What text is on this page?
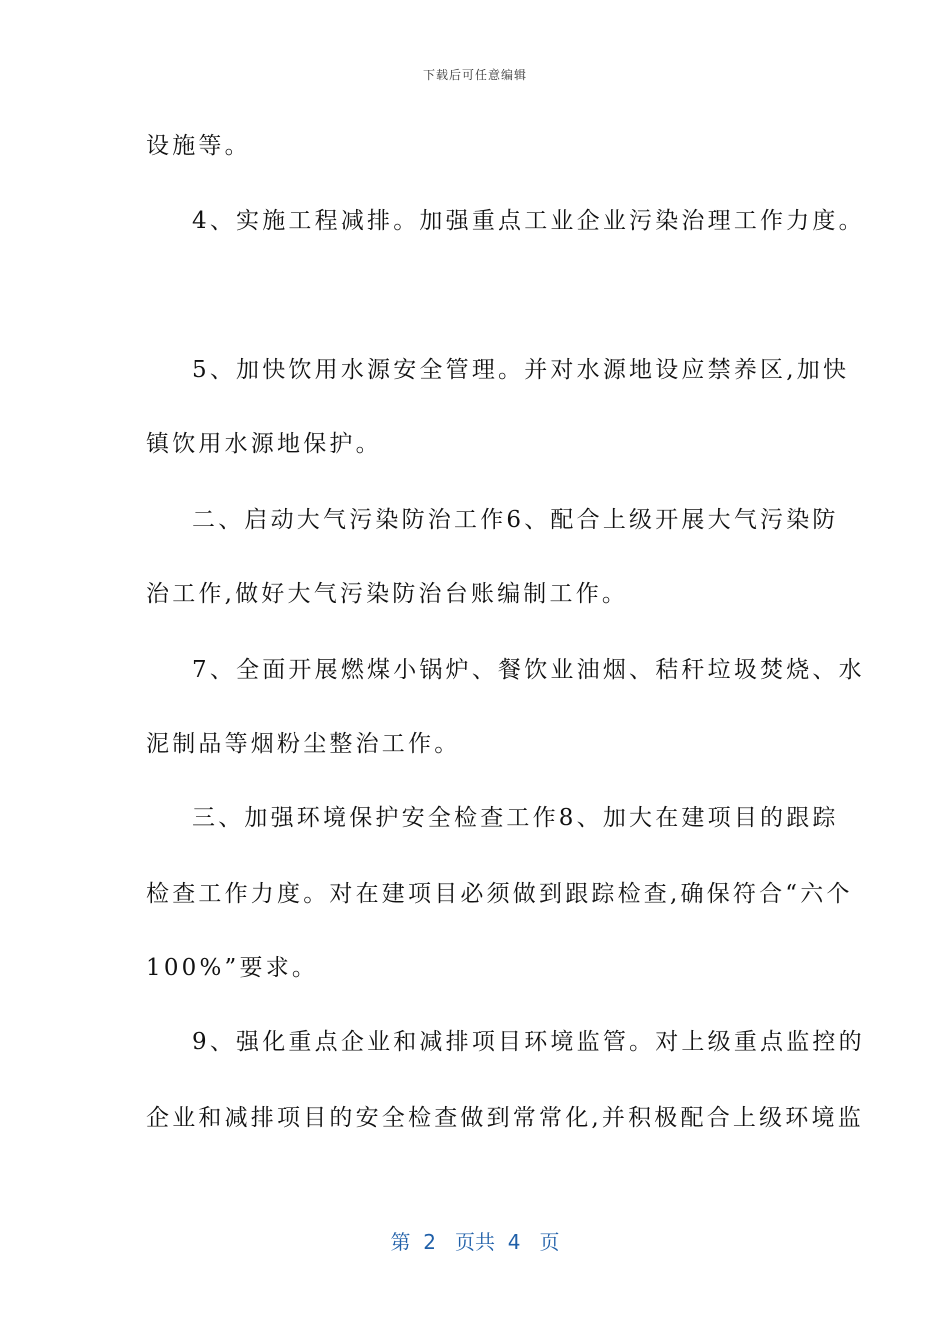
下载后可任意编辑
设施等。
4、实施工程减排。加强重点工业企业污染治理工作力度。
5、加快饮用水源安全管理。并对水源地设应禁养区,加快
镇饮用水源地保护。
二、启动大气污染防治工作6、配合上级开展大气污染防
治工作,做好大气污染防治台账编制工作。
7、全面开展燃煤小锅炉、餐饮业油烟、秸秆垃圾焚烧、水
泥制品等烟粉尘整治工作。
三、加强环境保护安全检查工作8、加大在建项目的跟踪
检查工作力度。对在建项目必须做到跟踪检查,确保符合“六个
100%”要求。
9、强化重点企业和减排项目环境监管。对上级重点监控的
企业和减排项目的安全检查做到常常化,并积极配合上级环境监
第  2   页共  4   页
